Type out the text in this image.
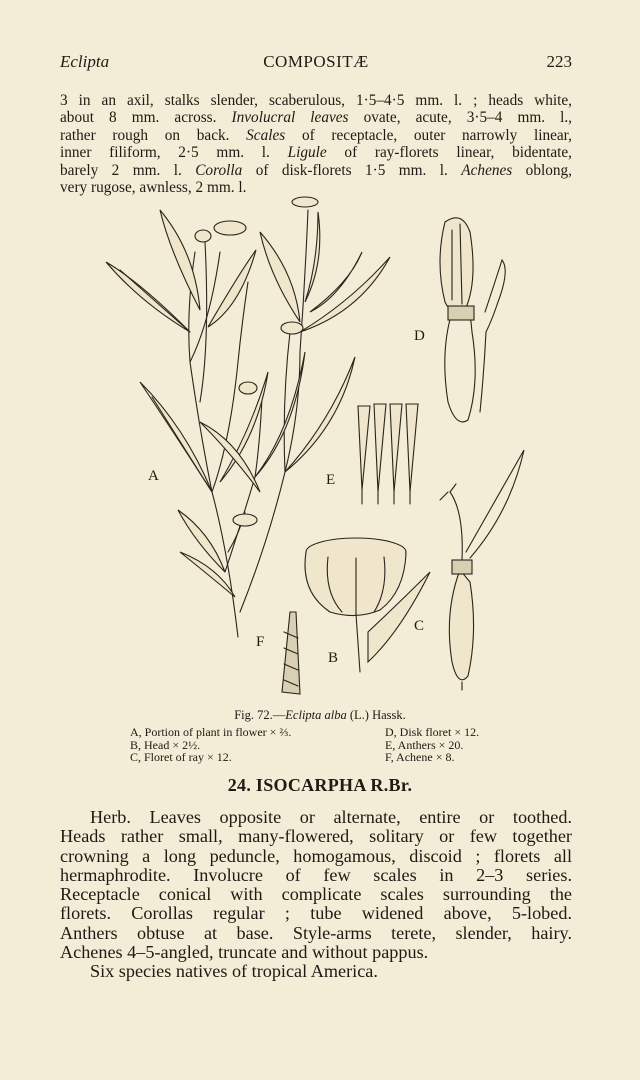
Eclipta	COMPOSITÆ	223
3 in an axil, stalks slender, scaberulous, 1·5–4·5 mm. l. ; heads white,
about 8 mm. across. Involucral leaves ovate, acute, 3·5–4 mm. l.,
rather rough on back. Scales of receptacle, outer narrowly linear,
inner filiform, 2·5 mm. l. Ligule of ray-florets linear, bidentate,
barely 2 mm. l. Corolla of disk-florets 1·5 mm. l. Achenes oblong,
very rugose, awnless, 2 mm. l.
A
B
C
D
E
F
Fig. 72.—Eclipta alba (L.) Hassk.
A, Portion of plant in flower × ⅔.
B, Head × 2½.
C, Floret of ray × 12.
D, Disk floret × 12.
E, Anthers × 20.
F, Achene × 8.
24. ISOCARPHA R.Br.
Herb. Leaves opposite or alternate, entire or toothed.
Heads rather small, many-flowered, solitary or few together
crowning a long peduncle, homogamous, discoid ; florets all
hermaphrodite. Involucre of few scales in 2–3 series.
Receptacle conical with complicate scales surrounding the
florets. Corollas regular ; tube widened above, 5-lobed.
Anthers obtuse at base. Style-arms terete, slender, hairy.
Achenes 4–5-angled, truncate and without pappus.
Six species natives of tropical America.
